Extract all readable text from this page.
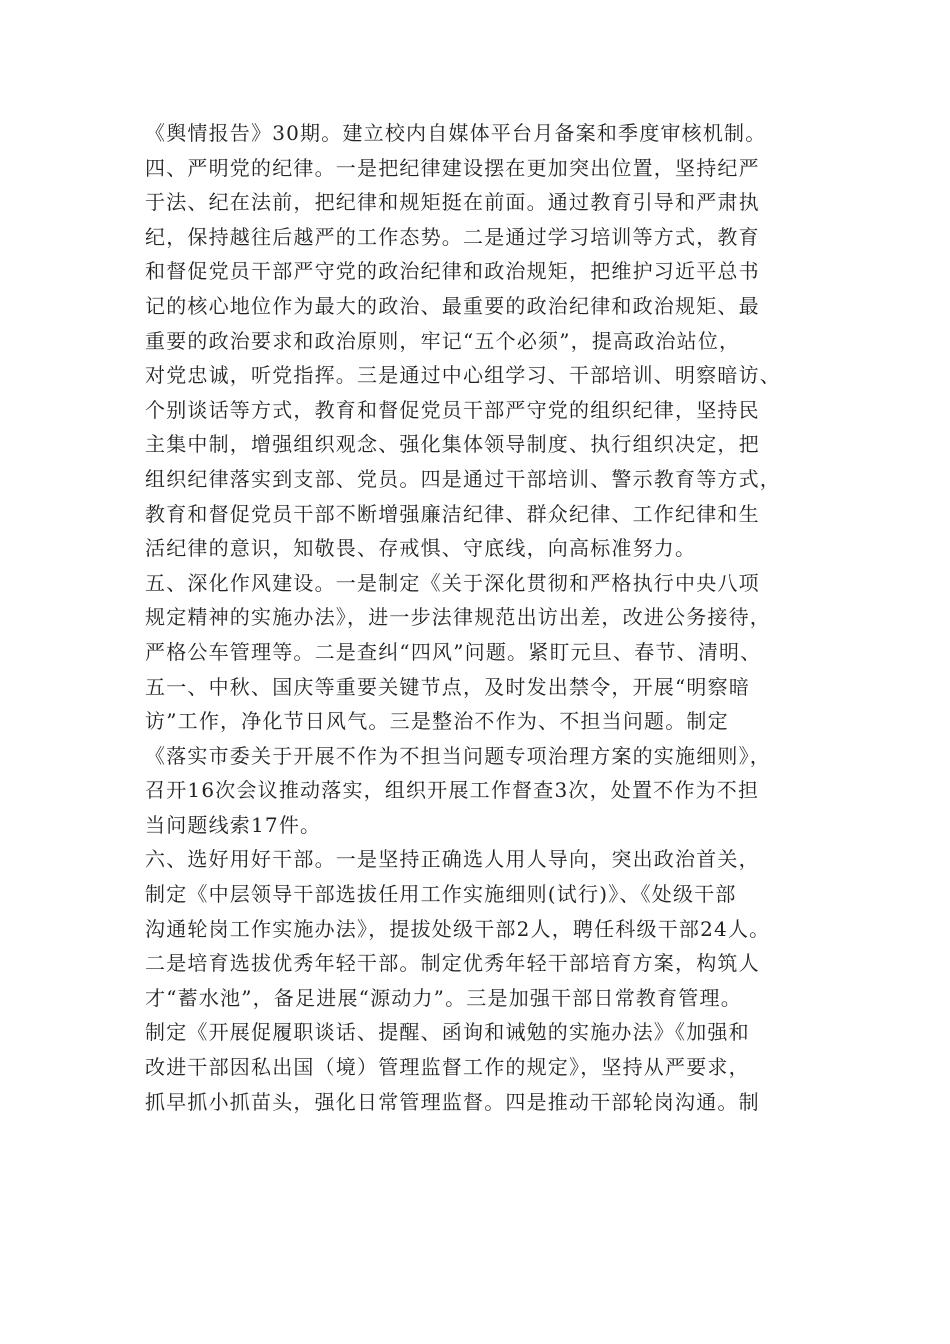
《舆情报告》30期。建立校内自媒体平台月备案和季度审核机制。
四、严明党的纪律。一是把纪律建设摆在更加突出位置，坚持纪严
于法、纪在法前，把纪律和规矩挺在前面。通过教育引导和严肃执
纪，保持越往后越严的工作态势。二是通过学习培训等方式，教育
和督促党员干部严守党的政治纪律和政治规矩，把维护习近平总书
记的核心地位作为最大的政治、最重要的政治纪律和政治规矩、最
重要的政治要求和政治原则，牢记“五个必须”，提高政治站位，
对党忠诚，听党指挥。三是通过中心组学习、干部培训、明察暗访、
个别谈话等方式，教育和督促党员干部严守党的组织纪律，坚持民
主集中制，增强组织观念、强化集体领导制度、执行组织决定，把
组织纪律落实到支部、党员。四是通过干部培训、警示教育等方式，
教育和督促党员干部不断增强廉洁纪律、群众纪律、工作纪律和生
活纪律的意识，知敬畏、存戒惧、守底线，向高标准努力。
五、深化作风建设。一是制定《关于深化贯彻和严格执行中央八项
规定精神的实施办法》，进一步法律规范出访出差，改进公务接待，
严格公车管理等。二是查纠“四风”问题。紧盯元旦、春节、清明、
五一、中秋、国庆等重要关键节点，及时发出禁令，开展“明察暗
访”工作，净化节日风气。三是整治不作为、不担当问题。制定
《落实市委关于开展不作为不担当问题专项治理方案的实施细则》，
召开16次会议推动落实，组织开展工作督查3次，处置不作为不担
当问题线索17件。
六、选好用好干部。一是坚持正确选人用人导向，突出政治首关，
制定《中层领导干部选拔任用工作实施细则(试行)》、《处级干部
沟通轮岗工作实施办法》，提拔处级干部2人，聘任科级干部24人。
二是培育选拔优秀年轻干部。制定优秀年轻干部培育方案，构筑人
才“蓄水池”，备足进展“源动力”。三是加强干部日常教育管理。
制定《开展促履职谈话、提醒、函询和诫勉的实施办法》《加强和
改进干部因私出国（境）管理监督工作的规定》，坚持从严要求，
抓早抓小抓苗头，强化日常管理监督。四是推动干部轮岗沟通。制
